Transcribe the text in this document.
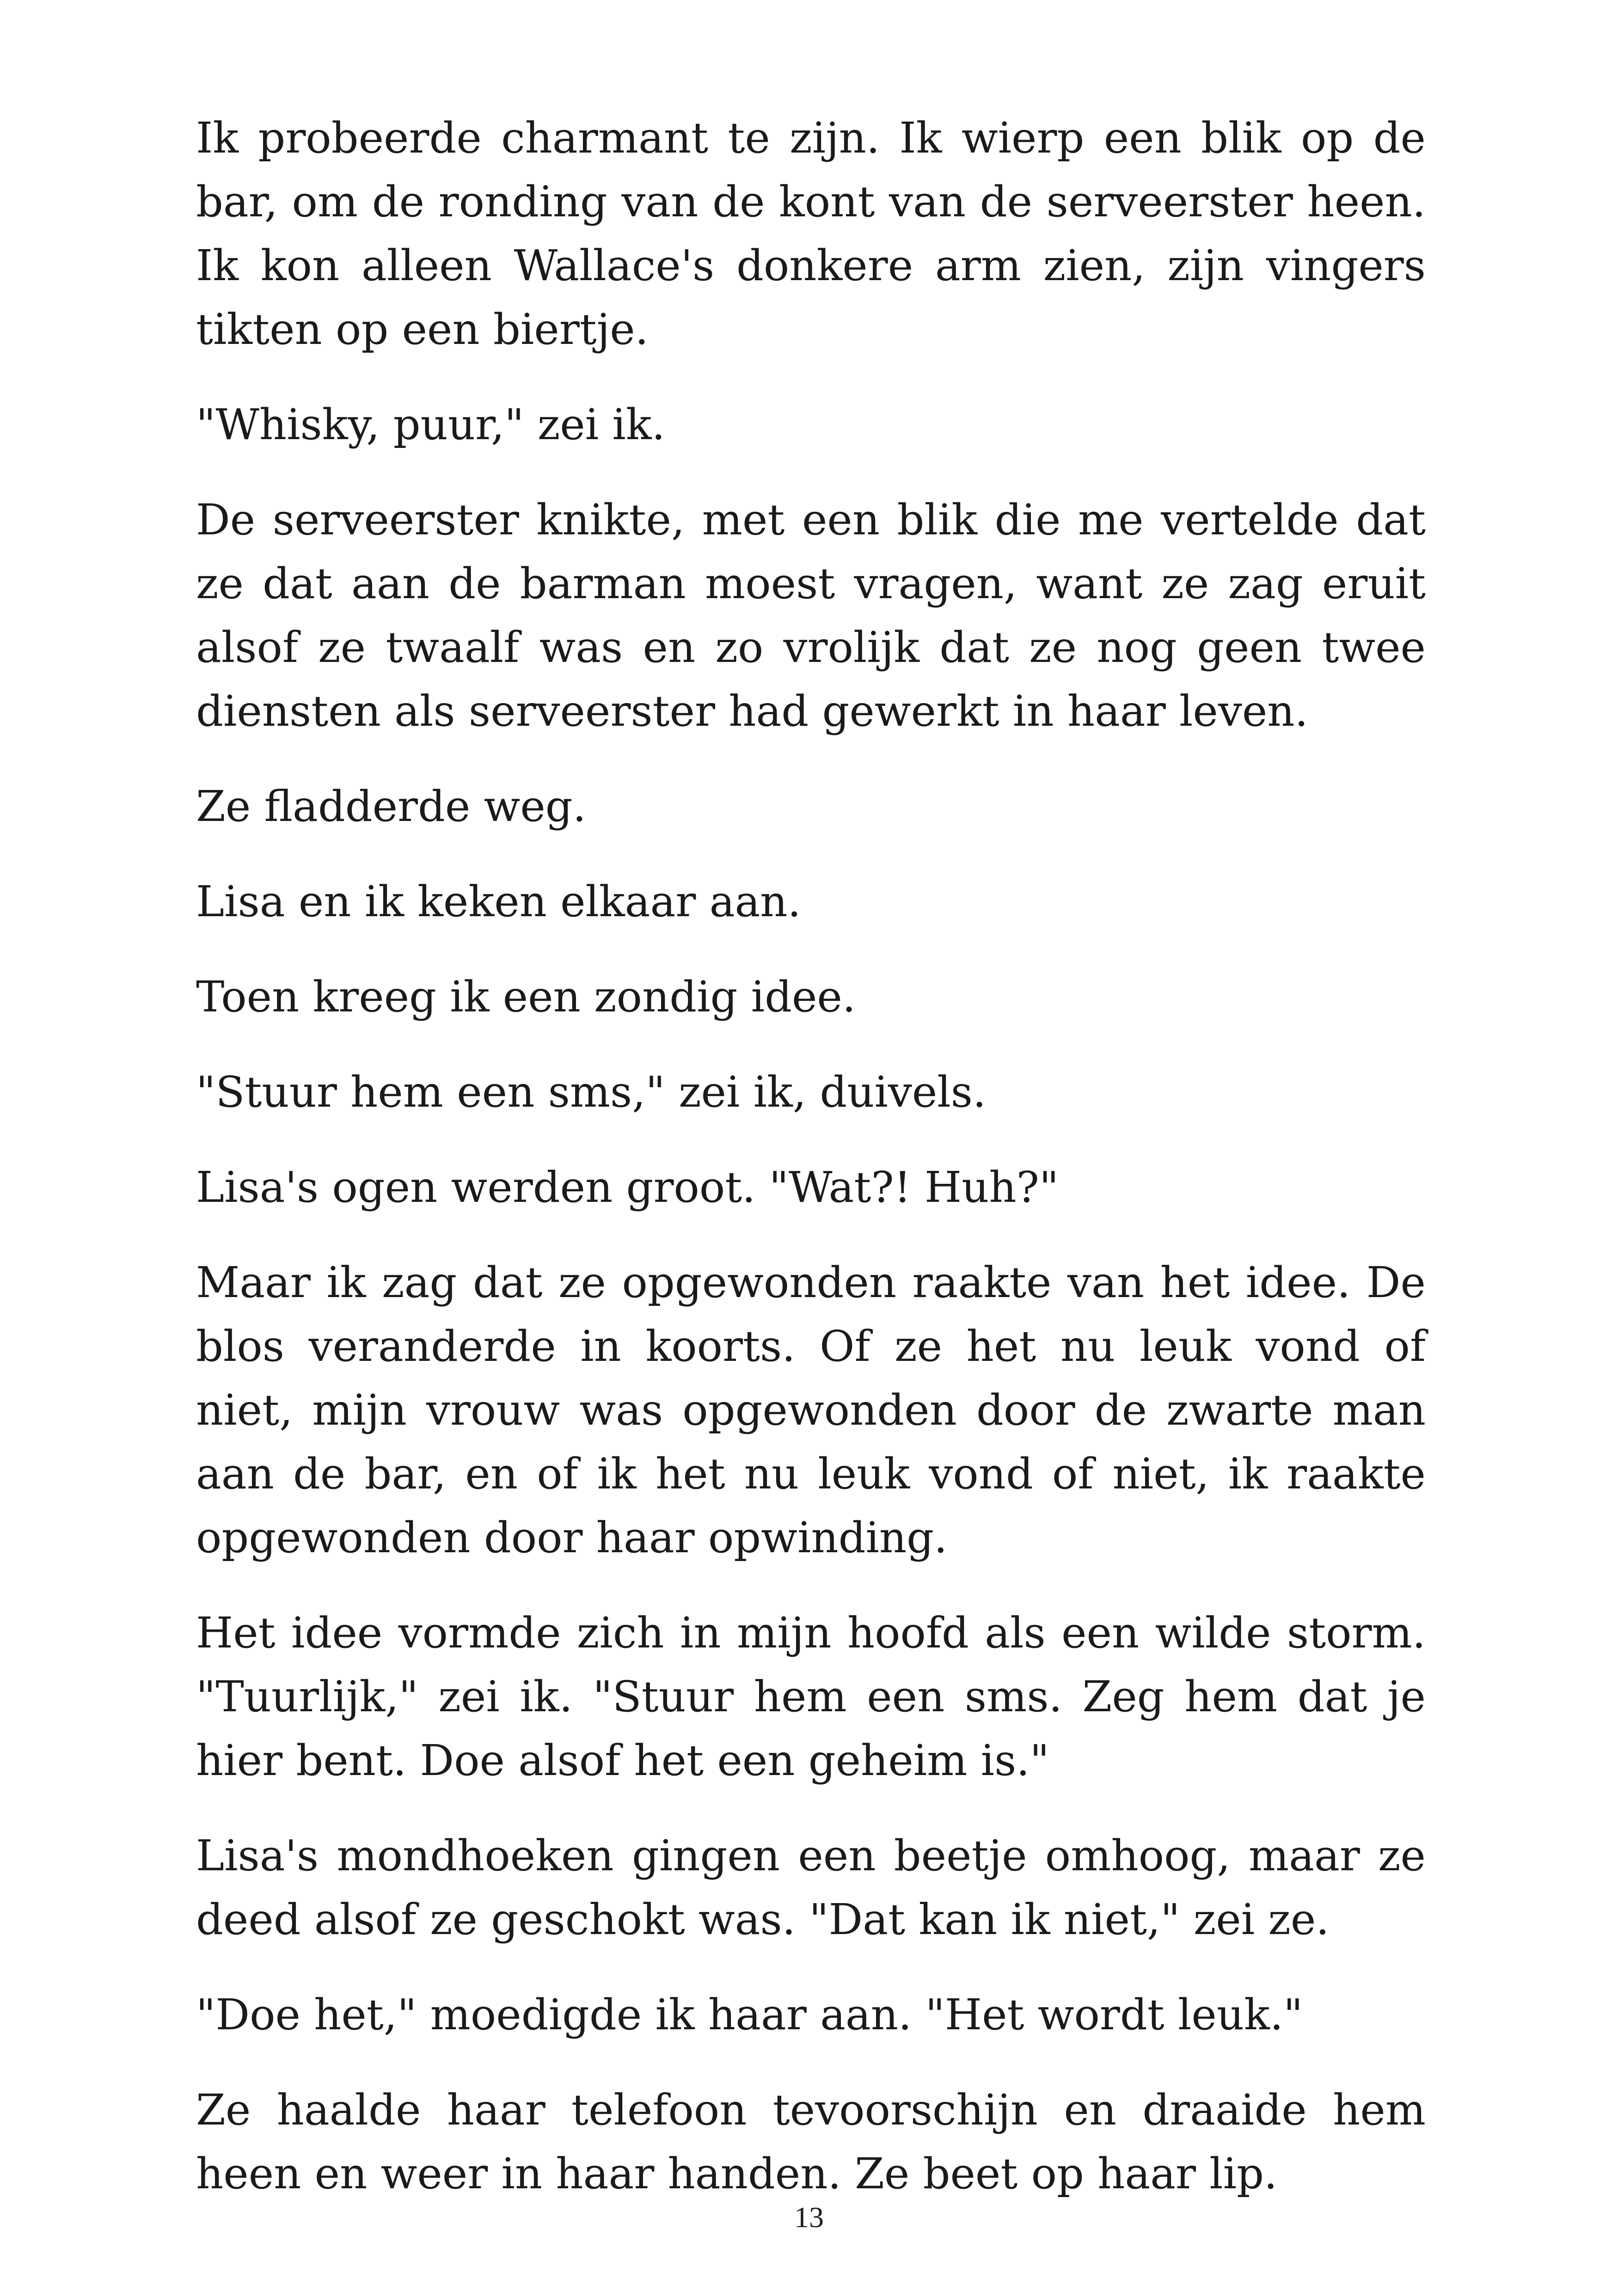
Ik probeerde charmant te zijn. Ik wierp een blik op de bar, om de ronding van de kont van de serveerster heen. Ik kon alleen Wallace's donkere arm zien, zijn vingers tikten op een biertje.

"Whisky, puur," zei ik.

De serveerster knikte, met een blik die me vertelde dat ze dat aan de barman moest vragen, want ze zag eruit alsof ze twaalf was en zo vrolijk dat ze nog geen twee diensten als serveerster had gewerkt in haar leven.

Ze fladderde weg.

Lisa en ik keken elkaar aan.

Toen kreeg ik een zondig idee.

"Stuur hem een sms," zei ik, duivels.

Lisa's ogen werden groot. "Wat?! Huh?"

Maar ik zag dat ze opgewonden raakte van het idee. De blos veranderde in koorts. Of ze het nu leuk vond of niet, mijn vrouw was opgewonden door de zwarte man aan de bar, en of ik het nu leuk vond of niet, ik raakte opgewonden door haar opwinding.

Het idee vormde zich in mijn hoofd als een wilde storm. "Tuurlijk," zei ik. "Stuur hem een sms. Zeg hem dat je hier bent. Doe alsof het een geheim is."

Lisa's mondhoeken gingen een beetje omhoog, maar ze deed alsof ze geschokt was. "Dat kan ik niet," zei ze.

"Doe het," moedigde ik haar aan. "Het wordt leuk."

Ze haalde haar telefoon tevoorschijn en draaide hem heen en weer in haar handen. Ze beet op haar lip.

13
